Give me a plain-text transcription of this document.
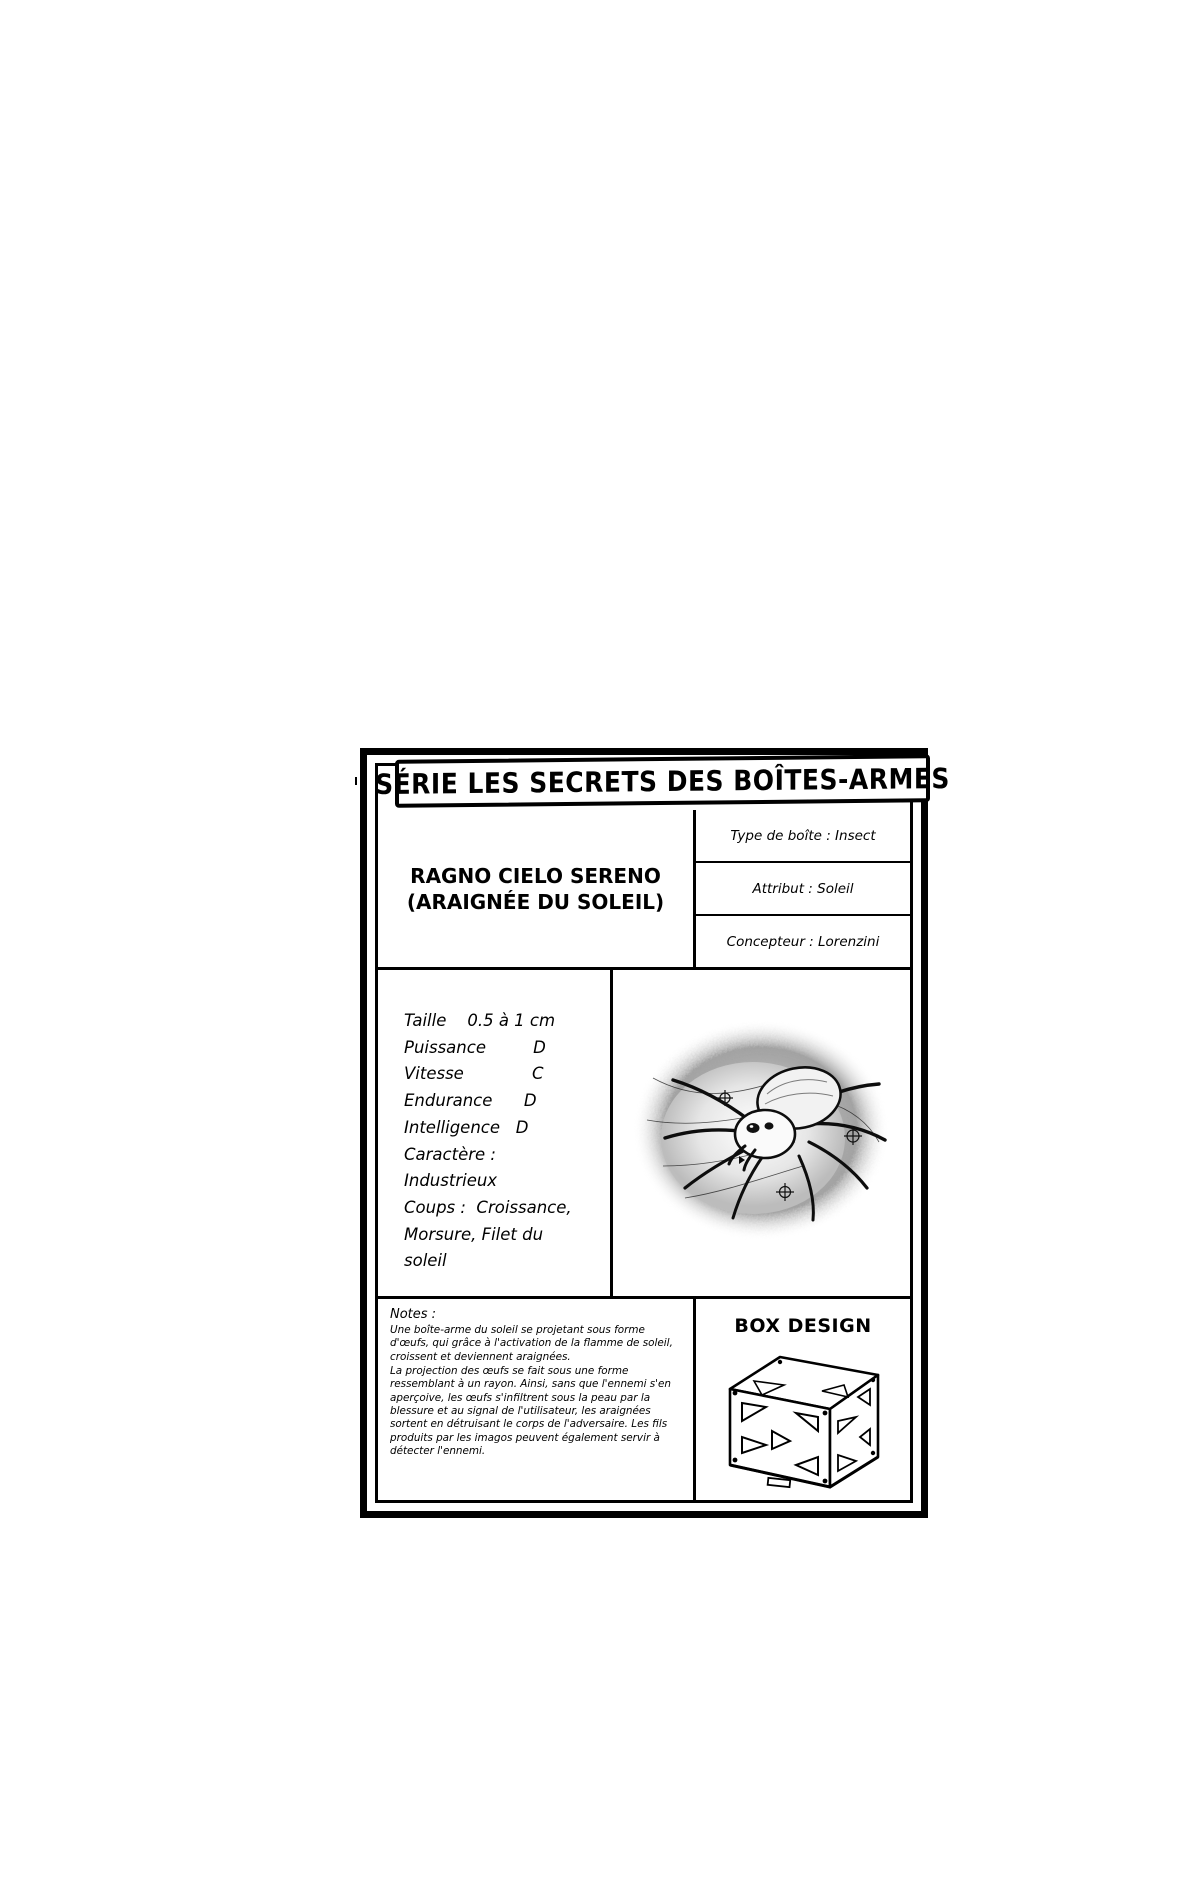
SÉRIE LES SECRETS DES BOÎTES-ARMES
RAGNO CIELO SERENO
(ARAIGNÉE DU SOLEIL)
Type de boîte : Insect
Attribut : Soleil
Concepteur : Lorenzini
Taille    0.5 à 1 cm
Puissance         D
Vitesse             C
Endurance      D
Intelligence   D
Caractère :
Industrieux
Coups :  Croissance,
Morsure, Filet du
soleil
Notes :

Une boîte-arme du soleil se projetant sous forme d'œufs, qui grâce à l'activation de la flamme de soleil, croissent et deviennent araignées.

La projection des œufs se fait sous une forme ressemblant à un rayon. Ainsi, sans que l'ennemi s'en aperçoive, les œufs s'infiltrent sous la peau par la blessure et au signal de l'utilisateur, les araignées sortent en détruisant le corps de l'adversaire. Les fils produits par les imagos peuvent également servir à détecter l'ennemi.

BOX DESIGN
